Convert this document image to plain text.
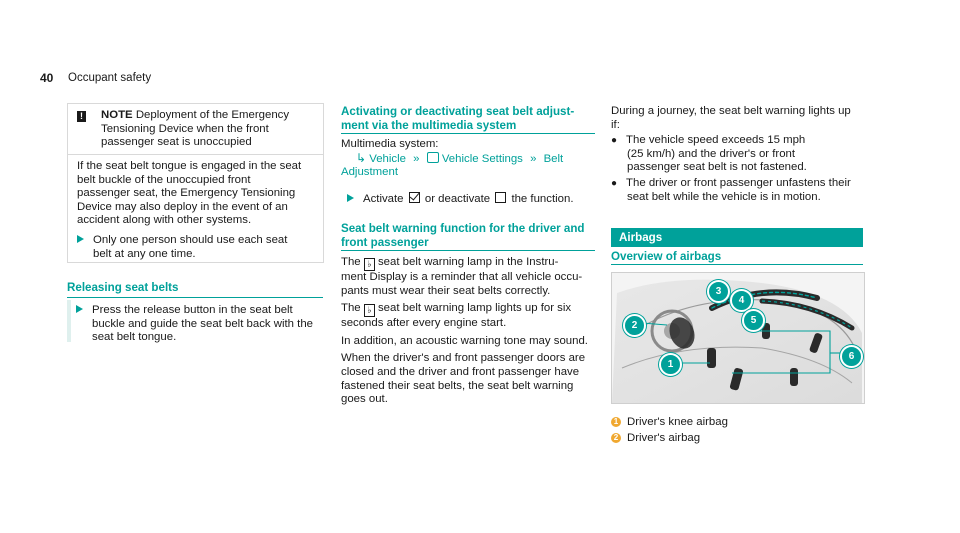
40 Occupant safety
! NOTE Deployment of the Emergency
Tensioning Device when the front
passenger seat is unoccupied
If the seat belt tongue is engaged in the seat
belt buckle of the unoccupied front
passenger seat, the Emergency Tensioning
Device may also deploy in the event of an
accident along with other systems.
Only one person should use each seat
belt at any one time.
Releasing seat belts
Press the release button in the seat belt
buckle and guide the seat belt back with the
seat belt tongue.
Activating or deactivating seat belt adjust-
ment via the multimedia system
Multimedia system:
↳ Vehicle » Vehicle Settings » Belt
Adjustment
Activate or deactivate the function.
Seat belt warning function for the driver and
front passenger
The ♭ seat belt warning lamp in the Instru-
ment Display is a reminder that all vehicle occu-
pants must wear their seat belts correctly.
The ♭ seat belt warning lamp lights up for six
seconds after every engine start.
In addition, an acoustic warning tone may sound.
When the driver's and front passenger doors are
closed and the driver and front passenger have
fastened their seat belts, the seat belt warning
goes out.
During a journey, the seat belt warning lights up
if:
● The vehicle speed exceeds 15 mph
(25 km/h) and the driver's or front
passenger seat belt is not fastened.
● The driver or front passenger unfastens their
seat belt while the vehicle is in motion.
Airbags
Overview of airbags
3
4
2	5
1
6
1 Driver's knee airbag
2 Driver's airbag
